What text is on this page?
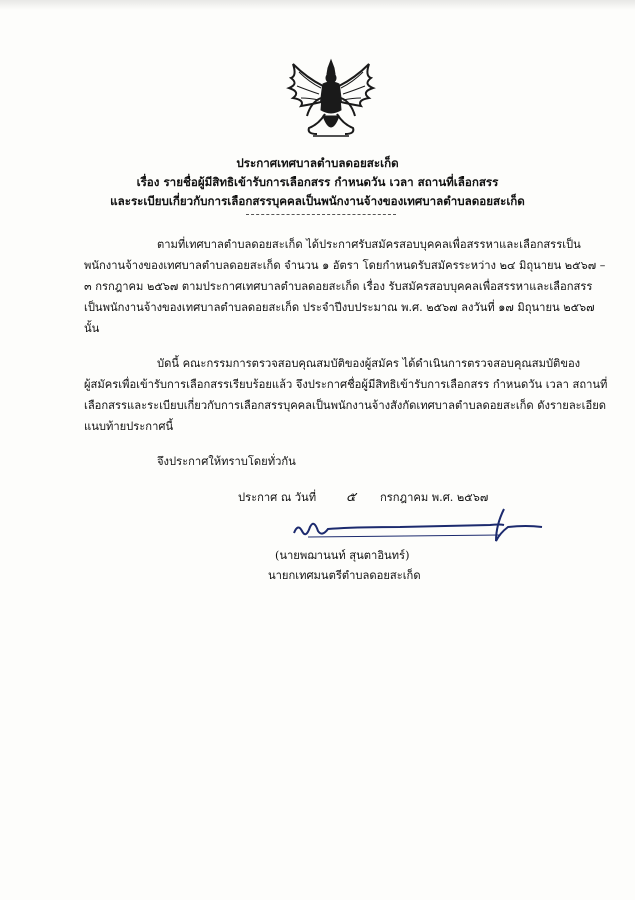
ประกาศเทศบาลตำบลดอยสะเก็ด
เรื่อง รายชื่อผู้มีสิทธิเข้ารับการเลือกสรร กำหนดวัน เวลา สถานที่เลือกสรร
และระเบียบเกี่ยวกับการเลือกสรรบุคคลเป็นพนักงานจ้างของเทศบาลตำบลดอยสะเก็ด
ตามที่เทศบาลตำบลดอยสะเก็ด ได้ประกาศรับสมัครสอบบุคคลเพื่อสรรหาและเลือกสรรเป็น
พนักงานจ้างของเทศบาลตำบลดอยสะเก็ด จำนวน ๑ อัตรา โดยกำหนดรับสมัครระหว่าง ๒๔ มิถุนายน ๒๕๖๗ –
๓ กรกฎาคม ๒๕๖๗ ตามประกาศเทศบาลตำบลดอยสะเก็ด เรื่อง รับสมัครสอบบุคคลเพื่อสรรหาและเลือกสรร
เป็นพนักงานจ้างของเทศบาลตำบลดอยสะเก็ด ประจำปีงบประมาณ พ.ศ. ๒๕๖๗ ลงวันที่ ๑๗ มิถุนายน ๒๕๖๗
นั้น
บัดนี้ คณะกรรมการตรวจสอบคุณสมบัติของผู้สมัคร ได้ดำเนินการตรวจสอบคุณสมบัติของ
ผู้สมัครเพื่อเข้ารับการเลือกสรรเรียบร้อยแล้ว จึงประกาศชื่อผู้มีสิทธิเข้ารับการเลือกสรร กำหนดวัน เวลา สถานที่
เลือกสรรและระเบียบเกี่ยวกับการเลือกสรรบุคคลเป็นพนักงานจ้างสังกัดเทศบาลตำบลดอยสะเก็ด ดังรายละเอียด
แนบท้ายประกาศนี้
จึงประกาศให้ทราบโดยทั่วกัน
ประกาศ ณ วันที่ ๕ กรกฎาคม พ.ศ. ๒๕๖๗
(นายพฌานนท์ สุนตาอินทร์)
นายกเทศมนตรีตำบลดอยสะเก็ด
